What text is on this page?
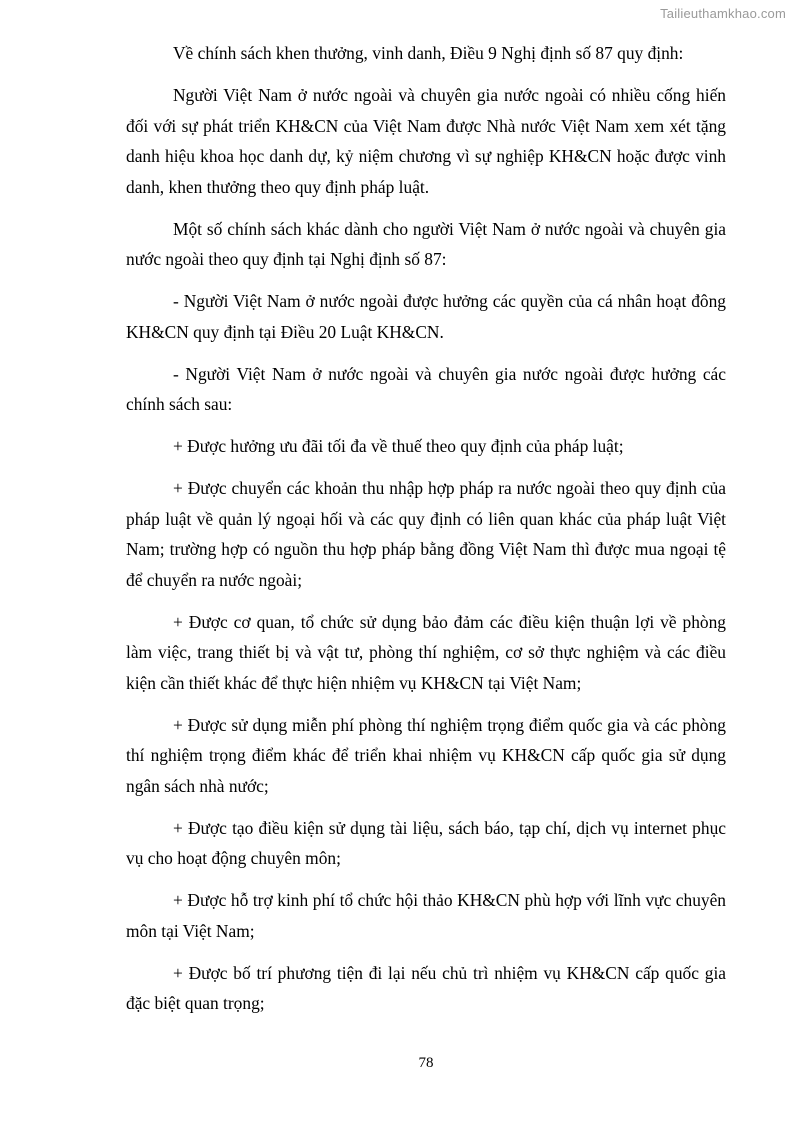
Tailieuthamkhao.com

Về chính sách khen thưởng, vinh danh, Điều 9 Nghị định số 87 quy định:

Người Việt Nam ở nước ngoài và chuyên gia nước ngoài có nhiều cống hiến đối với sự phát triển KH&CN của Việt Nam được Nhà nước Việt Nam xem xét tặng danh hiệu khoa học danh dự, kỷ niệm chương vì sự nghiệp KH&CN hoặc được vinh danh, khen thưởng theo quy định pháp luật.

Một số chính sách khác dành cho người Việt Nam ở nước ngoài và chuyên gia nước ngoài theo quy định tại Nghị định số 87:

- Người Việt Nam ở nước ngoài được hưởng các quyền của cá nhân hoạt đông KH&CN quy định tại Điều 20 Luật KH&CN.

- Người Việt Nam ở nước ngoài và chuyên gia nước ngoài được hưởng các chính sách sau:

+ Được hưởng ưu đãi tối đa về thuế theo quy định của pháp luật;

+ Được chuyển các khoản thu nhập hợp pháp ra nước ngoài theo quy định của pháp luật về quản lý ngoại hối và các quy định có liên quan khác của pháp luật Việt Nam; trường hợp có nguồn thu hợp pháp bằng đồng Việt Nam thì được mua ngoại tệ để chuyển ra nước ngoài;

+ Được cơ quan, tổ chức sử dụng bảo đảm các điều kiện thuận lợi về phòng làm việc, trang thiết bị và vật tư, phòng thí nghiệm, cơ sở thực nghiệm và các điều kiện cần thiết khác để thực hiện nhiệm vụ KH&CN tại Việt Nam;

+ Được sử dụng miễn phí phòng thí nghiệm trọng điểm quốc gia và các phòng thí nghiệm trọng điểm khác để triển khai nhiệm vụ KH&CN cấp quốc gia sử dụng ngân sách nhà nước;

+ Được tạo điều kiện sử dụng tài liệu, sách báo, tạp chí, dịch vụ internet phục vụ cho hoạt động chuyên môn;

+ Được hỗ trợ kinh phí tổ chức hội thảo KH&CN phù hợp với lĩnh vực chuyên môn tại Việt Nam;

+ Được bố trí phương tiện đi lại nếu chủ trì nhiệm vụ KH&CN cấp quốc gia đặc biệt quan trọng;

78
